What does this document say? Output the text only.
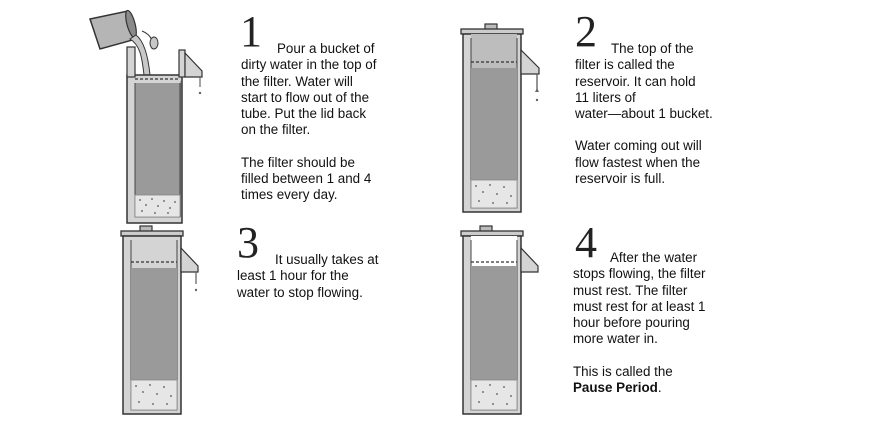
1	Pour a bucket of
dirty water in the top of
the filter. Water will
start to flow out of the
tube. Put the lid back
on the filter.
The filter should be
filled between 1 and 4
times every day.
2	The top of the
filter is called the
reservoir. It can hold
11 liters of
water—about 1 bucket.
Water coming out will
flow fastest when the
reservoir is full.
3	It usually takes at
least 1 hour for the
water to stop flowing.
4 After the water
stops flowing, the filter
must rest. The filter
must rest for at least 1
hour before pouring
more water in.
This is called the
Pause Period.
